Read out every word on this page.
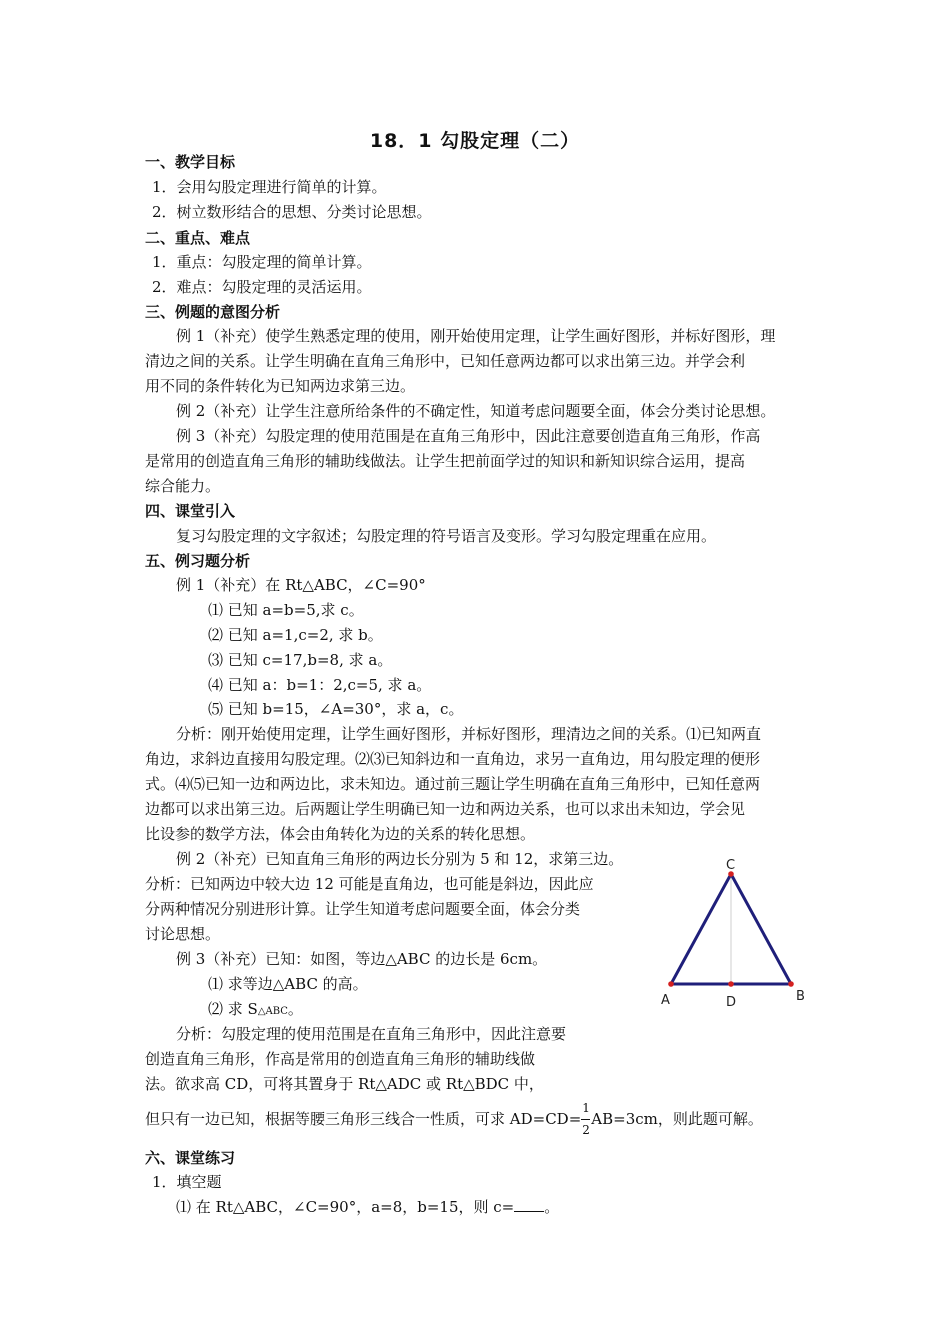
18．1 勾股定理（二）
一、教学目标
1．会用勾股定理进行简单的计算。
2．树立数形结合的思想、分类讨论思想。
二、重点、难点
1．重点：勾股定理的简单计算。
2．难点：勾股定理的灵活运用。
三、例题的意图分析
例 1（补充）使学生熟悉定理的使用，刚开始使用定理，让学生画好图形，并标好图形，理
清边之间的关系。让学生明确在直角三角形中，已知任意两边都可以求出第三边。并学会利
用不同的条件转化为已知两边求第三边。
例 2（补充）让学生注意所给条件的不确定性，知道考虑问题要全面，体会分类讨论思想。
例 3（补充）勾股定理的使用范围是在直角三角形中，因此注意要创造直角三角形，作高
是常用的创造直角三角形的辅助线做法。让学生把前面学过的知识和新知识综合运用，提高
综合能力。
四、课堂引入
复习勾股定理的文字叙述；勾股定理的符号语言及变形。学习勾股定理重在应用。
五、例习题分析
例 1（补充）在 Rt△ABC，∠C=90°
⑴ 已知 a=b=5,求 c。
⑵ 已知 a=1,c=2, 求 b。
⑶ 已知 c=17,b=8, 求 a。
⑷ 已知 a：b=1：2,c=5, 求 a。
⑸ 已知 b=15，∠A=30°，求 a，c。
分析：刚开始使用定理，让学生画好图形，并标好图形，理清边之间的关系。⑴已知两直
角边，求斜边直接用勾股定理。⑵⑶已知斜边和一直角边，求另一直角边，用勾股定理的便形
式。⑷⑸已知一边和两边比，求未知边。通过前三题让学生明确在直角三角形中，已知任意两
边都可以求出第三边。后两题让学生明确已知一边和两边关系，也可以求出未知边，学会见
比设参的数学方法，体会由角转化为边的关系的转化思想。
例 2（补充）已知直角三角形的两边长分别为 5 和 12，求第三边。
分析：已知两边中较大边 12 可能是直角边，也可能是斜边，因此应
分两种情况分别进形计算。让学生知道考虑问题要全面，体会分类
讨论思想。
例 3（补充）已知：如图，等边△ABC 的边长是 6cm。
⑴ 求等边△ABC 的高。
⑵ 求 S△ABC。
分析：勾股定理的使用范围是在直角三角形中，因此注意要
创造直角三角形，作高是常用的创造直角三角形的辅助线做
法。欲求高 CD，可将其置身于 Rt△ADC 或 Rt△BDC 中，
但只有一边已知，根据等腰三角形三线合一性质，可求 $AD=CD= \frac{1}{2} AB=3cm$，则此题可解。
A	B
C
D
六、课堂练习
1．填空题
⑴ 在 Rt△ABC，∠C=90°，a=8，b=15，则 c= 。
